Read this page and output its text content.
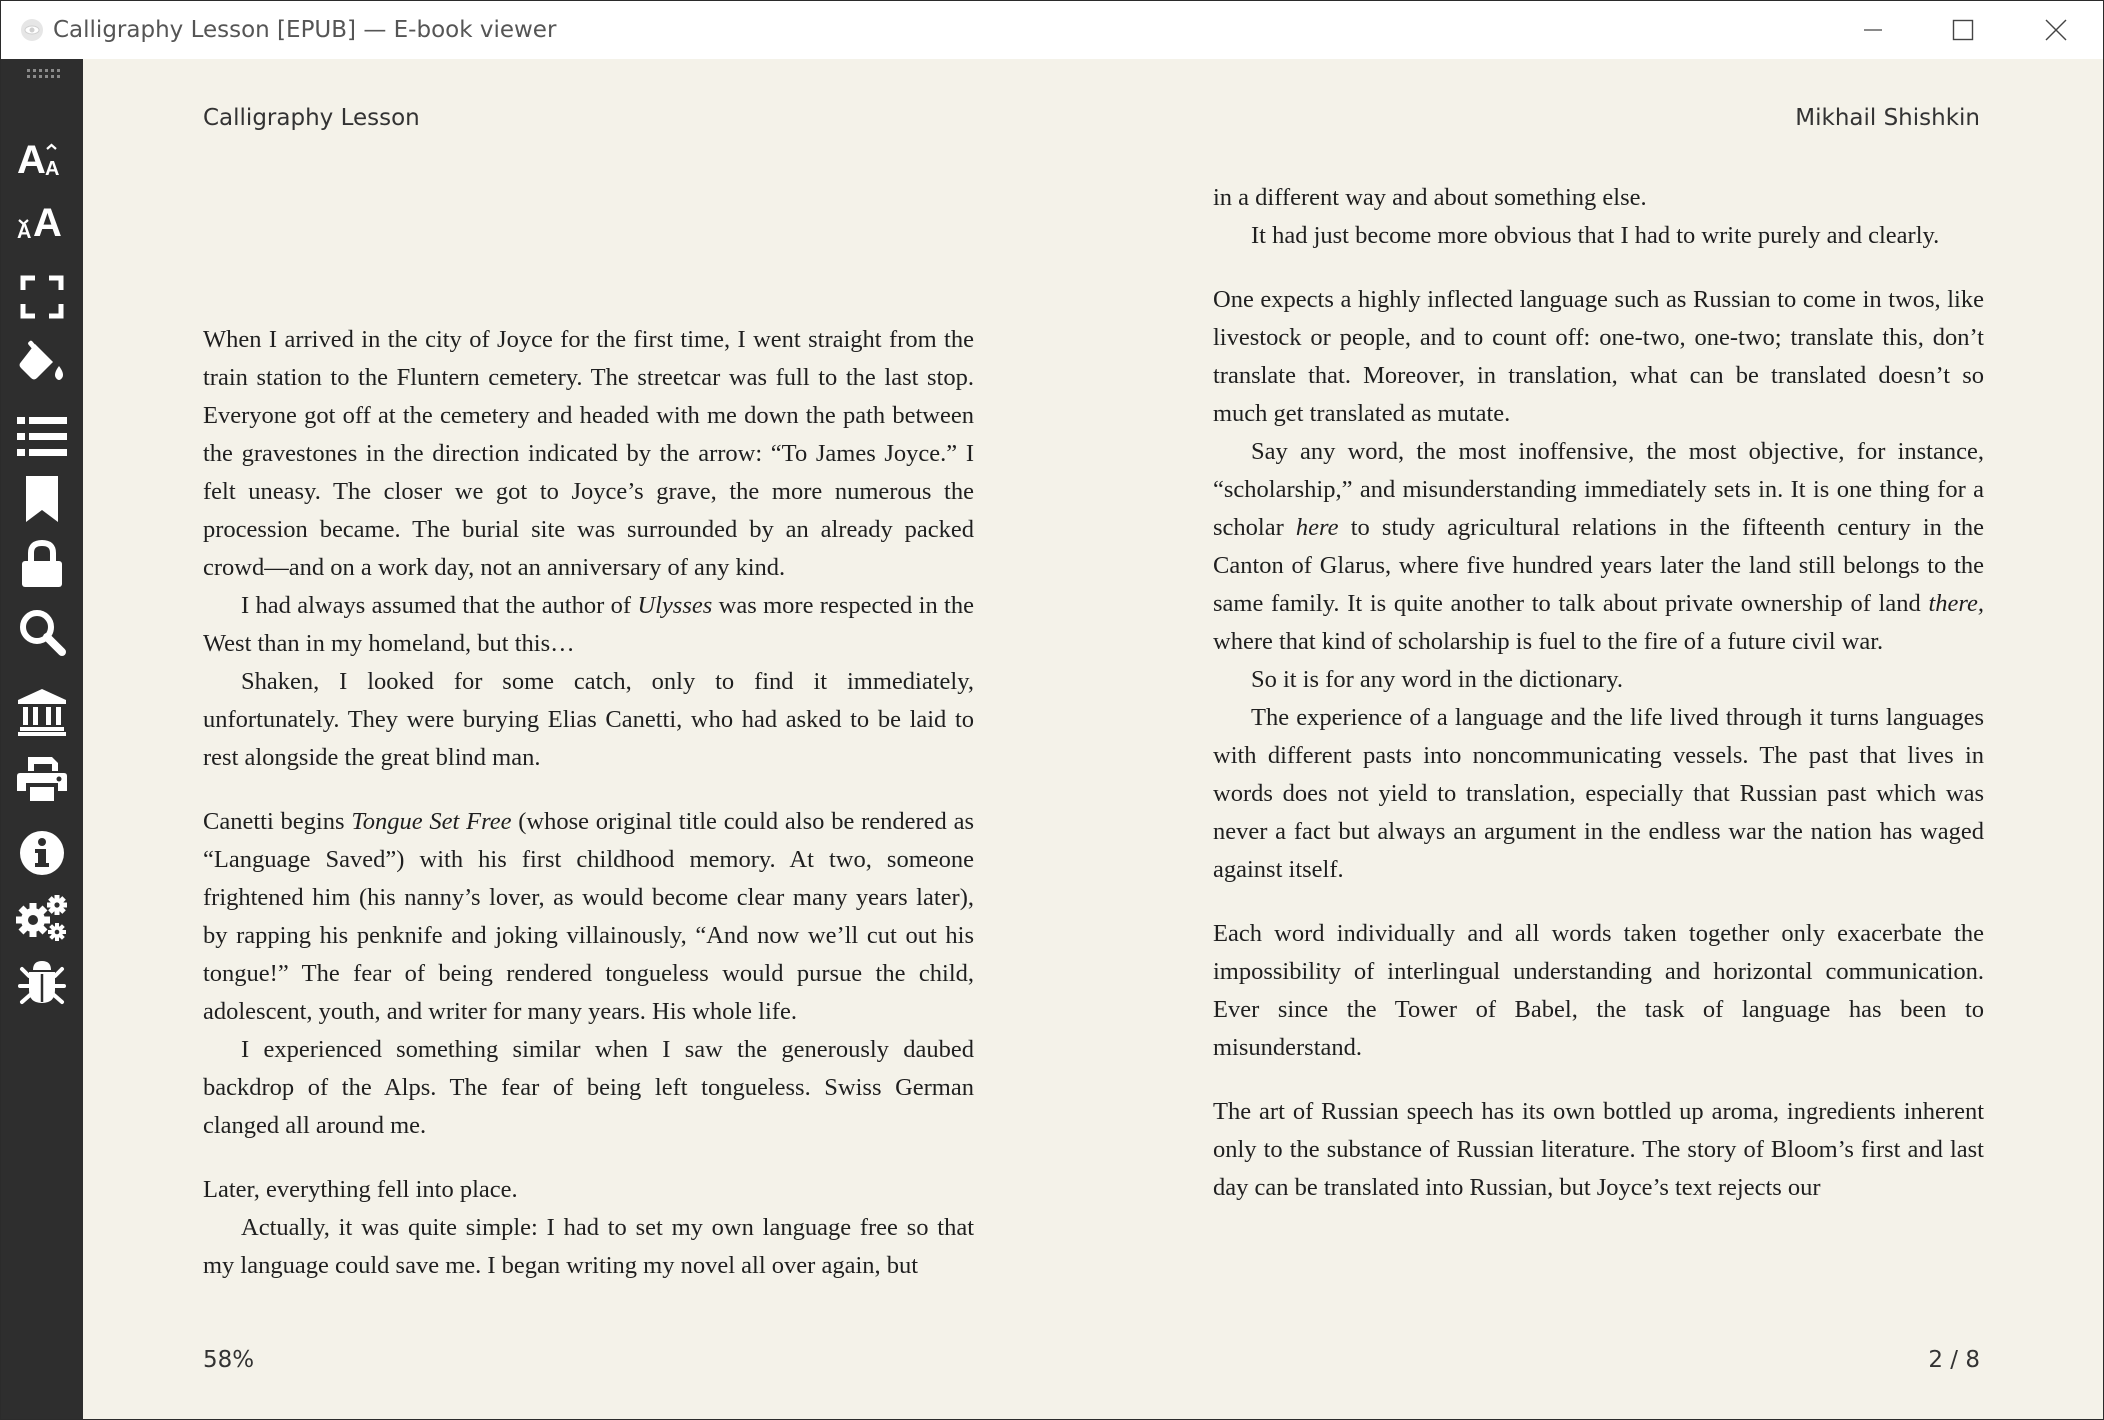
Calligraphy Lesson [EPUB] — E-book viewer
A A
A A
Calligraphy Lesson	Mikhail Shishkin

When I arrived in the city of Joyce for the first time, I went straight from the train station to the Fluntern cemetery. The streetcar was full to the last stop. Everyone got off at the cemetery and headed with me down the path between the gravestones in the direction indicated by the arrow: “To James Joyce.” I felt uneasy. The closer we got to Joyce’s grave, the more numerous the procession became. The burial site was surrounded by an already packed crowd—and on a work day, not an anniversary of any kind.

I had always assumed that the author of Ulysses was more respected in the West than in my homeland, but this…

Shaken, I looked for some catch, only to find it immediately, unfortunately. They were burying Elias Canetti, who had asked to be laid to rest alongside the great blind man.

Canetti begins Tongue Set Free (whose original title could also be rendered as “Language Saved”) with his first childhood memory. At two, someone frightened him (his nanny’s lover, as would become clear many years later), by rapping his penknife and joking villainously, “And now we’ll cut out his tongue!” The fear of being rendered tongueless would pursue the child, adolescent, youth, and writer for many years. His whole life.

I experienced something similar when I saw the generously daubed backdrop of the Alps. The fear of being left tongueless. Swiss German clanged all around me.

Later, everything fell into place.

Actually, it was quite simple: I had to set my own language free so that my language could save me. I began writing my novel all over again, but

in a different way and about something else.

It had just become more obvious that I had to write purely and clearly.

One expects a highly inflected language such as Russian to come in twos, like livestock or people, and to count off: one-two, one-two; translate this, don’t translate that. Moreover, in translation, what can be translated doesn’t so much get translated as mutate.

Say any word, the most inoffensive, the most objective, for instance, “scholarship,” and misunderstanding immediately sets in. It is one thing for a scholar here to study agricultural relations in the fifteenth century in the Canton of Glarus, where five hundred years later the land still belongs to the same family. It is quite another to talk about private ownership of land there, where that kind of scholarship is fuel to the fire of a future civil war.

So it is for any word in the dictionary.

The experience of a language and the life lived through it turns languages with different pasts into noncommunicating vessels. The past that lives in words does not yield to translation, especially that Russian past which was never a fact but always an argument in the endless war the nation has waged against itself.

Each word individually and all words taken together only exacerbate the impossibility of interlingual understanding and horizontal communication. Ever since the Tower of Babel, the task of language has been to misunderstand.

The art of Russian speech has its own bottled up aroma, ingredients inherent only to the substance of Russian literature. The story of Bloom’s first and last day can be translated into Russian, but Joyce’s text rejects our

58%	2 / 8
